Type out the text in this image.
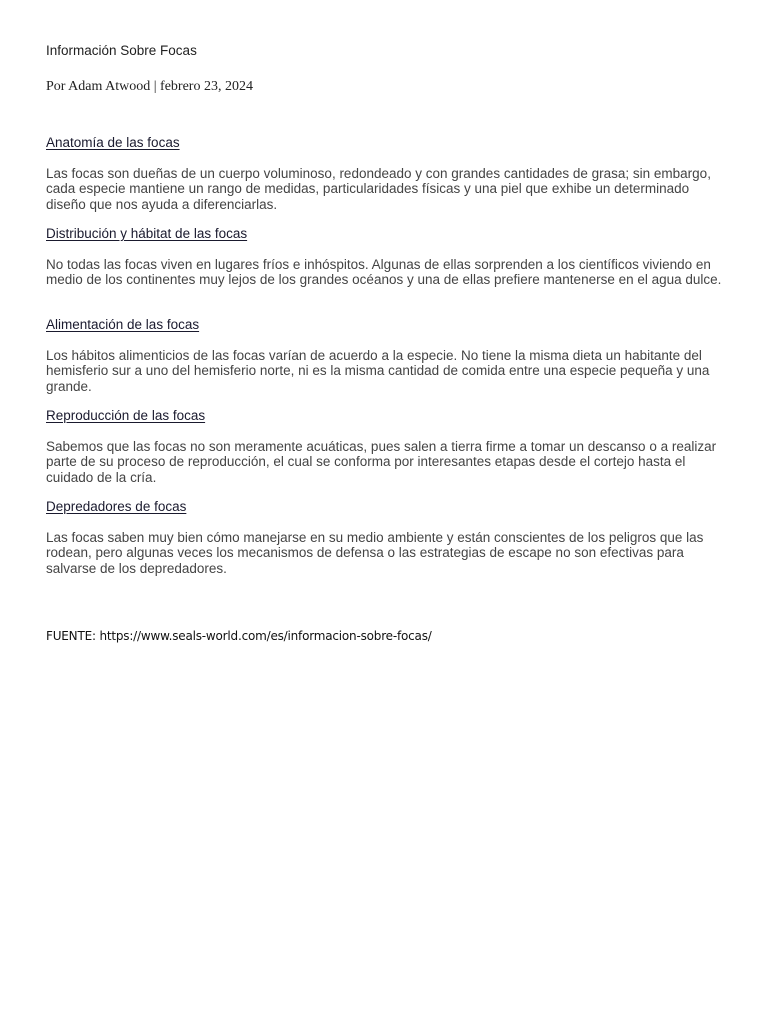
Información Sobre Focas

Por Adam Atwood | febrero 23, 2024

Anatomía de las focas

Las focas son dueñas de un cuerpo voluminoso, redondeado y con grandes cantidades de grasa; sin embargo, cada especie mantiene un rango de medidas, particularidades físicas y una piel que exhibe un determinado diseño que nos ayuda a diferenciarlas.

Distribución y hábitat de las focas

No todas las focas viven en lugares fríos e inhóspitos. Algunas de ellas sorprenden a los científicos viviendo en medio de los continentes muy lejos de los grandes océanos y una de ellas prefiere mantenerse en el agua dulce.

Alimentación de las focas

Los hábitos alimenticios de las focas varían de acuerdo a la especie. No tiene la misma dieta un habitante del hemisferio sur a uno del hemisferio norte, ni es la misma cantidad de comida entre una especie pequeña y una grande.

Reproducción de las focas

Sabemos que las focas no son meramente acuáticas, pues salen a tierra firme a tomar un descanso o a realizar parte de su proceso de reproducción, el cual se conforma por interesantes etapas desde el cortejo hasta el cuidado de la cría.

Depredadores de focas

Las focas saben muy bien cómo manejarse en su medio ambiente y están conscientes de los peligros que las rodean, pero algunas veces los mecanismos de defensa o las estrategias de escape no son efectivas para salvarse de los depredadores.

FUENTE: https://www.seals-world.com/es/informacion-sobre-focas/
